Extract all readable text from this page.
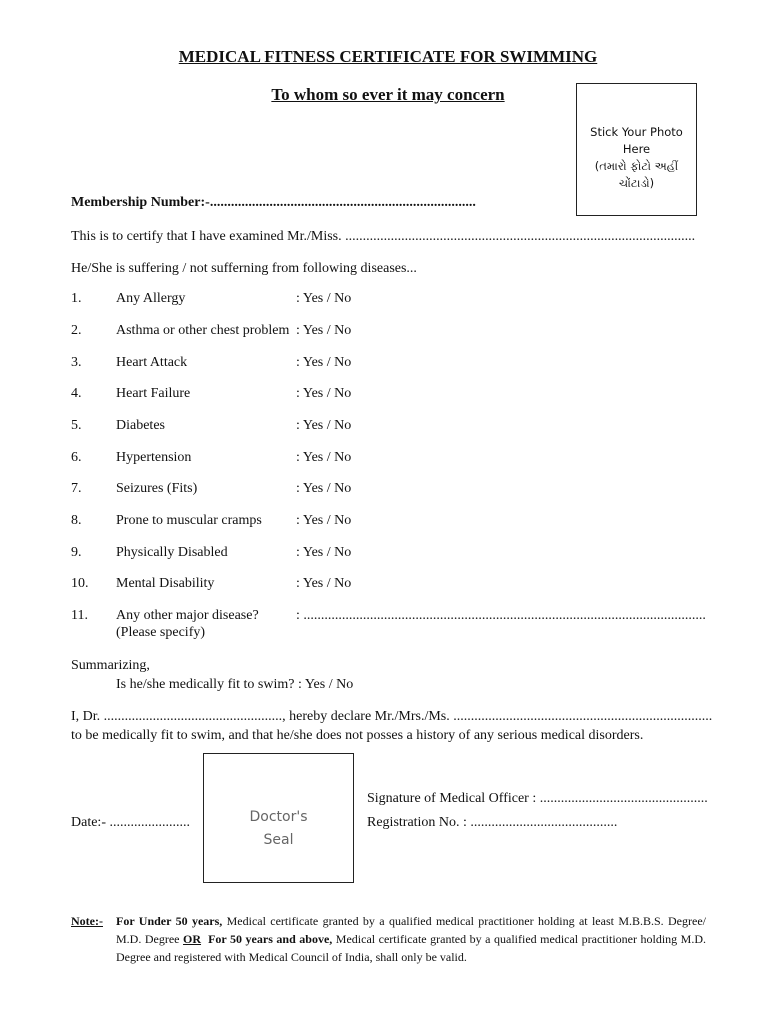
MEDICAL FITNESS CERTIFICATE FOR SWIMMING
To whom so ever it may concern
Stick Your Photo
Here
(તમારો ફોટો અહીં
ચોંટાડો)
Membership Number:-............................................................................
This is to certify that I have examined Mr./Miss. ....................................................................................................
He/She is suffering / not sufferning from following diseases...
1. Any Allergy	: Yes / No
2. Asthma or other chest problem : Yes / No
3. Heart Attack	: Yes / No
4. Heart Failure	: Yes / No
5. Diabetes	: Yes / No
6. Hypertension	: Yes / No
7. Seizures (Fits)	: Yes / No
8. Prone to muscular cramps : Yes / No
9. Physically Disabled	: Yes / No
10. Mental Disability	: Yes / No
11. Any other major disease?
(Please specify)
: ...................................................................................................................
Summarizing,
Is he/she medically fit to swim? : Yes / No
I, Dr. ..................................................., hereby declare Mr./Mrs./Ms. ..........................................................................
to be medically fit to swim, and that he/she does not posses a history of any serious medical disorders.
Doctor's
Seal
Date:- .......................
Signature of Medical Officer : ................................................
Registration No. : ..........................................
Note:- For Under 50 years, Medical certificate granted by a qualified medical practitioner holding at least M.B.B.S. Degree/ M.D. Degree OR For 50 years and above, Medical certificate granted by a qualified medical practitioner holding M.D. Degree and registered with Medical Council of India, shall only be valid.
